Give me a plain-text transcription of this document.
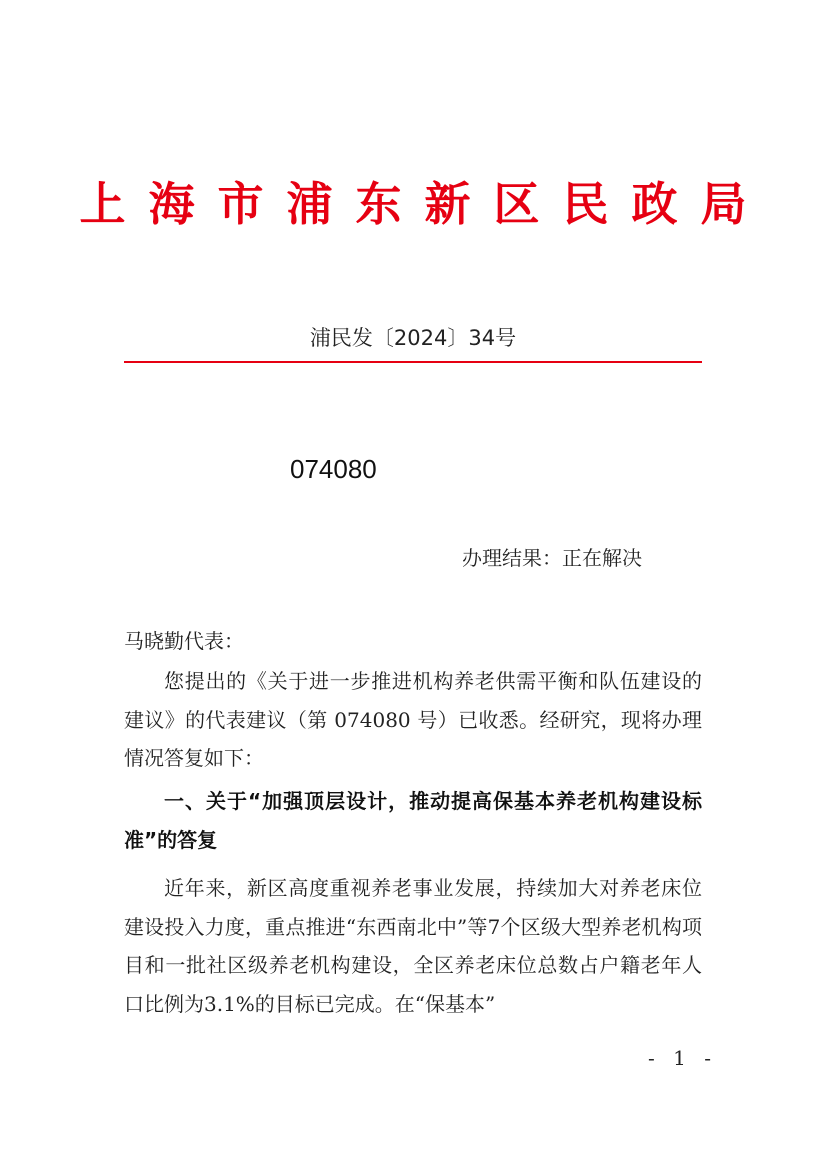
上海市浦东新区民政局
浦民发〔2024〕34号
074080
办理结果：正在解决
马晓勤代表：
您提出的《关于进一步推进机构养老供需平衡和队伍建设的建议》的代表建议（第 074080 号）已收悉。经研究，现将办理情况答复如下：
一、关于“加强顶层设计，推动提高保基本养老机构建设标准”的答复
近年来，新区高度重视养老事业发展，持续加大对养老床位建设投入力度，重点推进“东西南北中”等7个区级大型养老机构项目和一批社区级养老机构建设，全区养老床位总数占户籍老年人口比例为3.1%的目标已完成。在“保基本”
- 1 -
